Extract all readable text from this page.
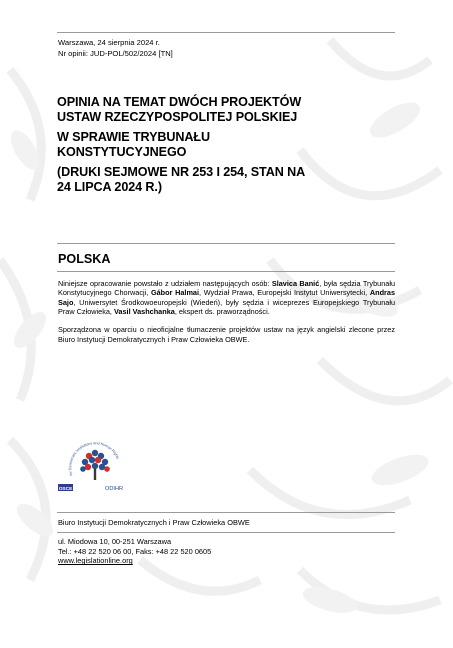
Warszawa, 24 sierpnia 2024 r.
Nr opinii: JUD-POL/502/2024 [TN]
OPINIA NA TEMAT DWÓCH PROJEKTÓW
USTAW RZECZYPOSPOLITEJ POLSKIEJ
W SPRAWIE TRYBUNAŁU
KONSTYTUCYJNEGO
(DRUKI SEJMOWE NR 253 I 254, STAN NA
24 LIPCA 2024 R.)
POLSKA

Niniejsze opracowanie powstało z udziałem następujących osób: Slavica Banić, była sędzia Trybunału Konstytucyjnego Chorwacji, Gábor Halmai, Wydział Prawa, Europejski Instytut Uniwersytecki, Andras Sajo, Uniwersytet Środkowoeuropejski (Wiedeń), były sędzia i wiceprezes Europejskiego Trybunału Praw Człowieka, Vasil Vashchanka, ekspert ds. praworządności.

Sporządzona w oparciu o nieoficjalne tłumaczenie projektów ustaw na język angielski zlecone przez Biuro Instytucji Demokratycznych i Praw Człowieka OBWE.

for Democratic Institutions and Human Rights
OSCE	ODIHR
Biuro Instytucji Demokratycznych i Praw Człowieka OBWE
ul. Miodowa 10, 00-251 Warszawa
Tel.: +48 22 520 06 00, Faks: +48 22 520 0605
www.legislationline.org
